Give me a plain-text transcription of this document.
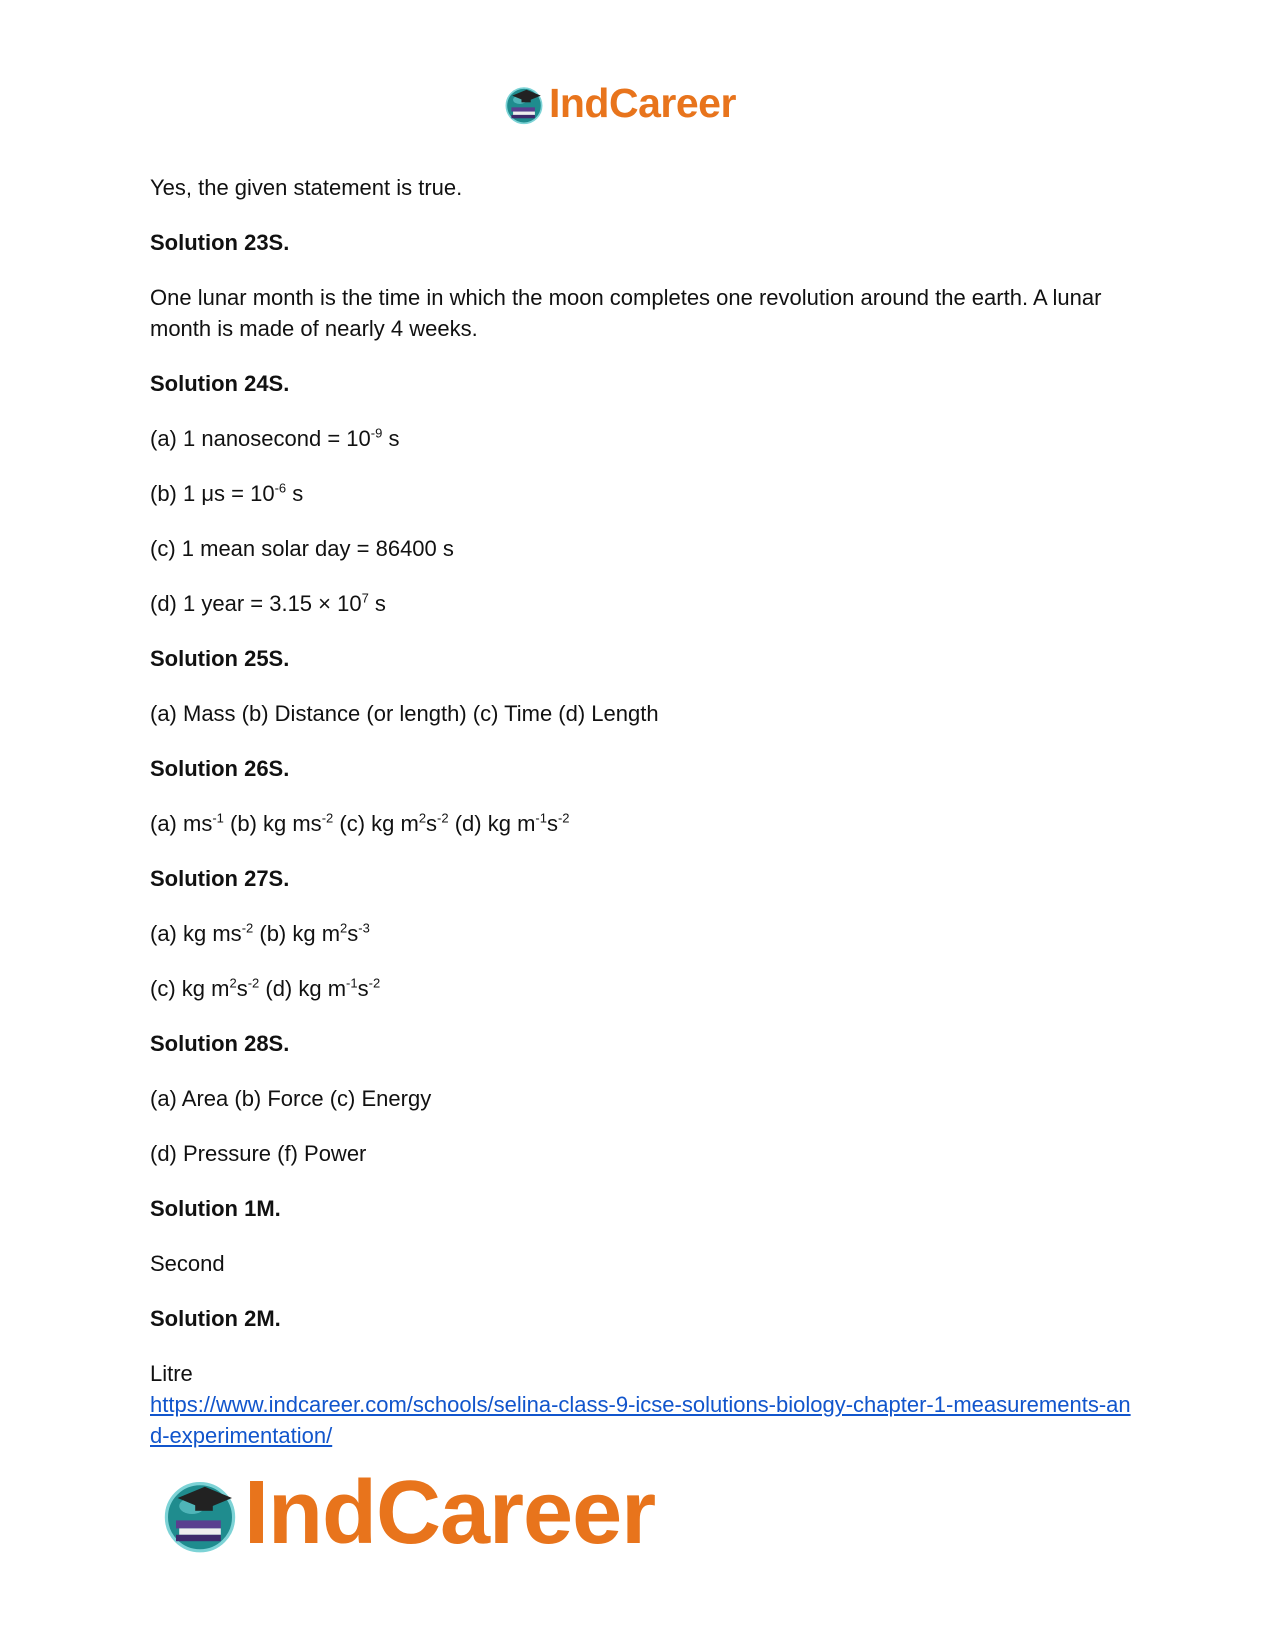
IndCareer

Yes, the given statement is true.

Solution 23S.

One lunar month is the time in which the moon completes one revolution around the earth. A lunar month is made of nearly 4 weeks.

Solution 24S.

(a) 1 nanosecond = $10^{-9}$ s

(b) 1 $\mu s = 10^{-6}$ s

(c) 1 mean solar day = 86400 s

(d) 1 year = $3.15 \times 10^7$ s

Solution 25S.

(a) Mass (b) Distance (or length) (c) Time (d) Length

Solution 26S.

(a) $ms^{-1}$ (b) kg $ms^{-2}$ (c) kg $m^2s^{-2}$ (d) kg $m^{-1}s^{-2}$

Solution 27S.

(a) kg $ms^{-2}$ (b) kg $m^2s^{-3}$

(c) kg $m^2s^{-2}$ (d) kg $m^{-1}s^{-2}$

Solution 28S.

(a) Area (b) Force (c) Energy

(d) Pressure (f) Power

Solution 1M.

Second

Solution 2M.

Litre

https://www.indcareer.com/schools/selina-class-9-icse-solutions-biology-chapter-1-measurements-and-experimentation/
IndCareer
